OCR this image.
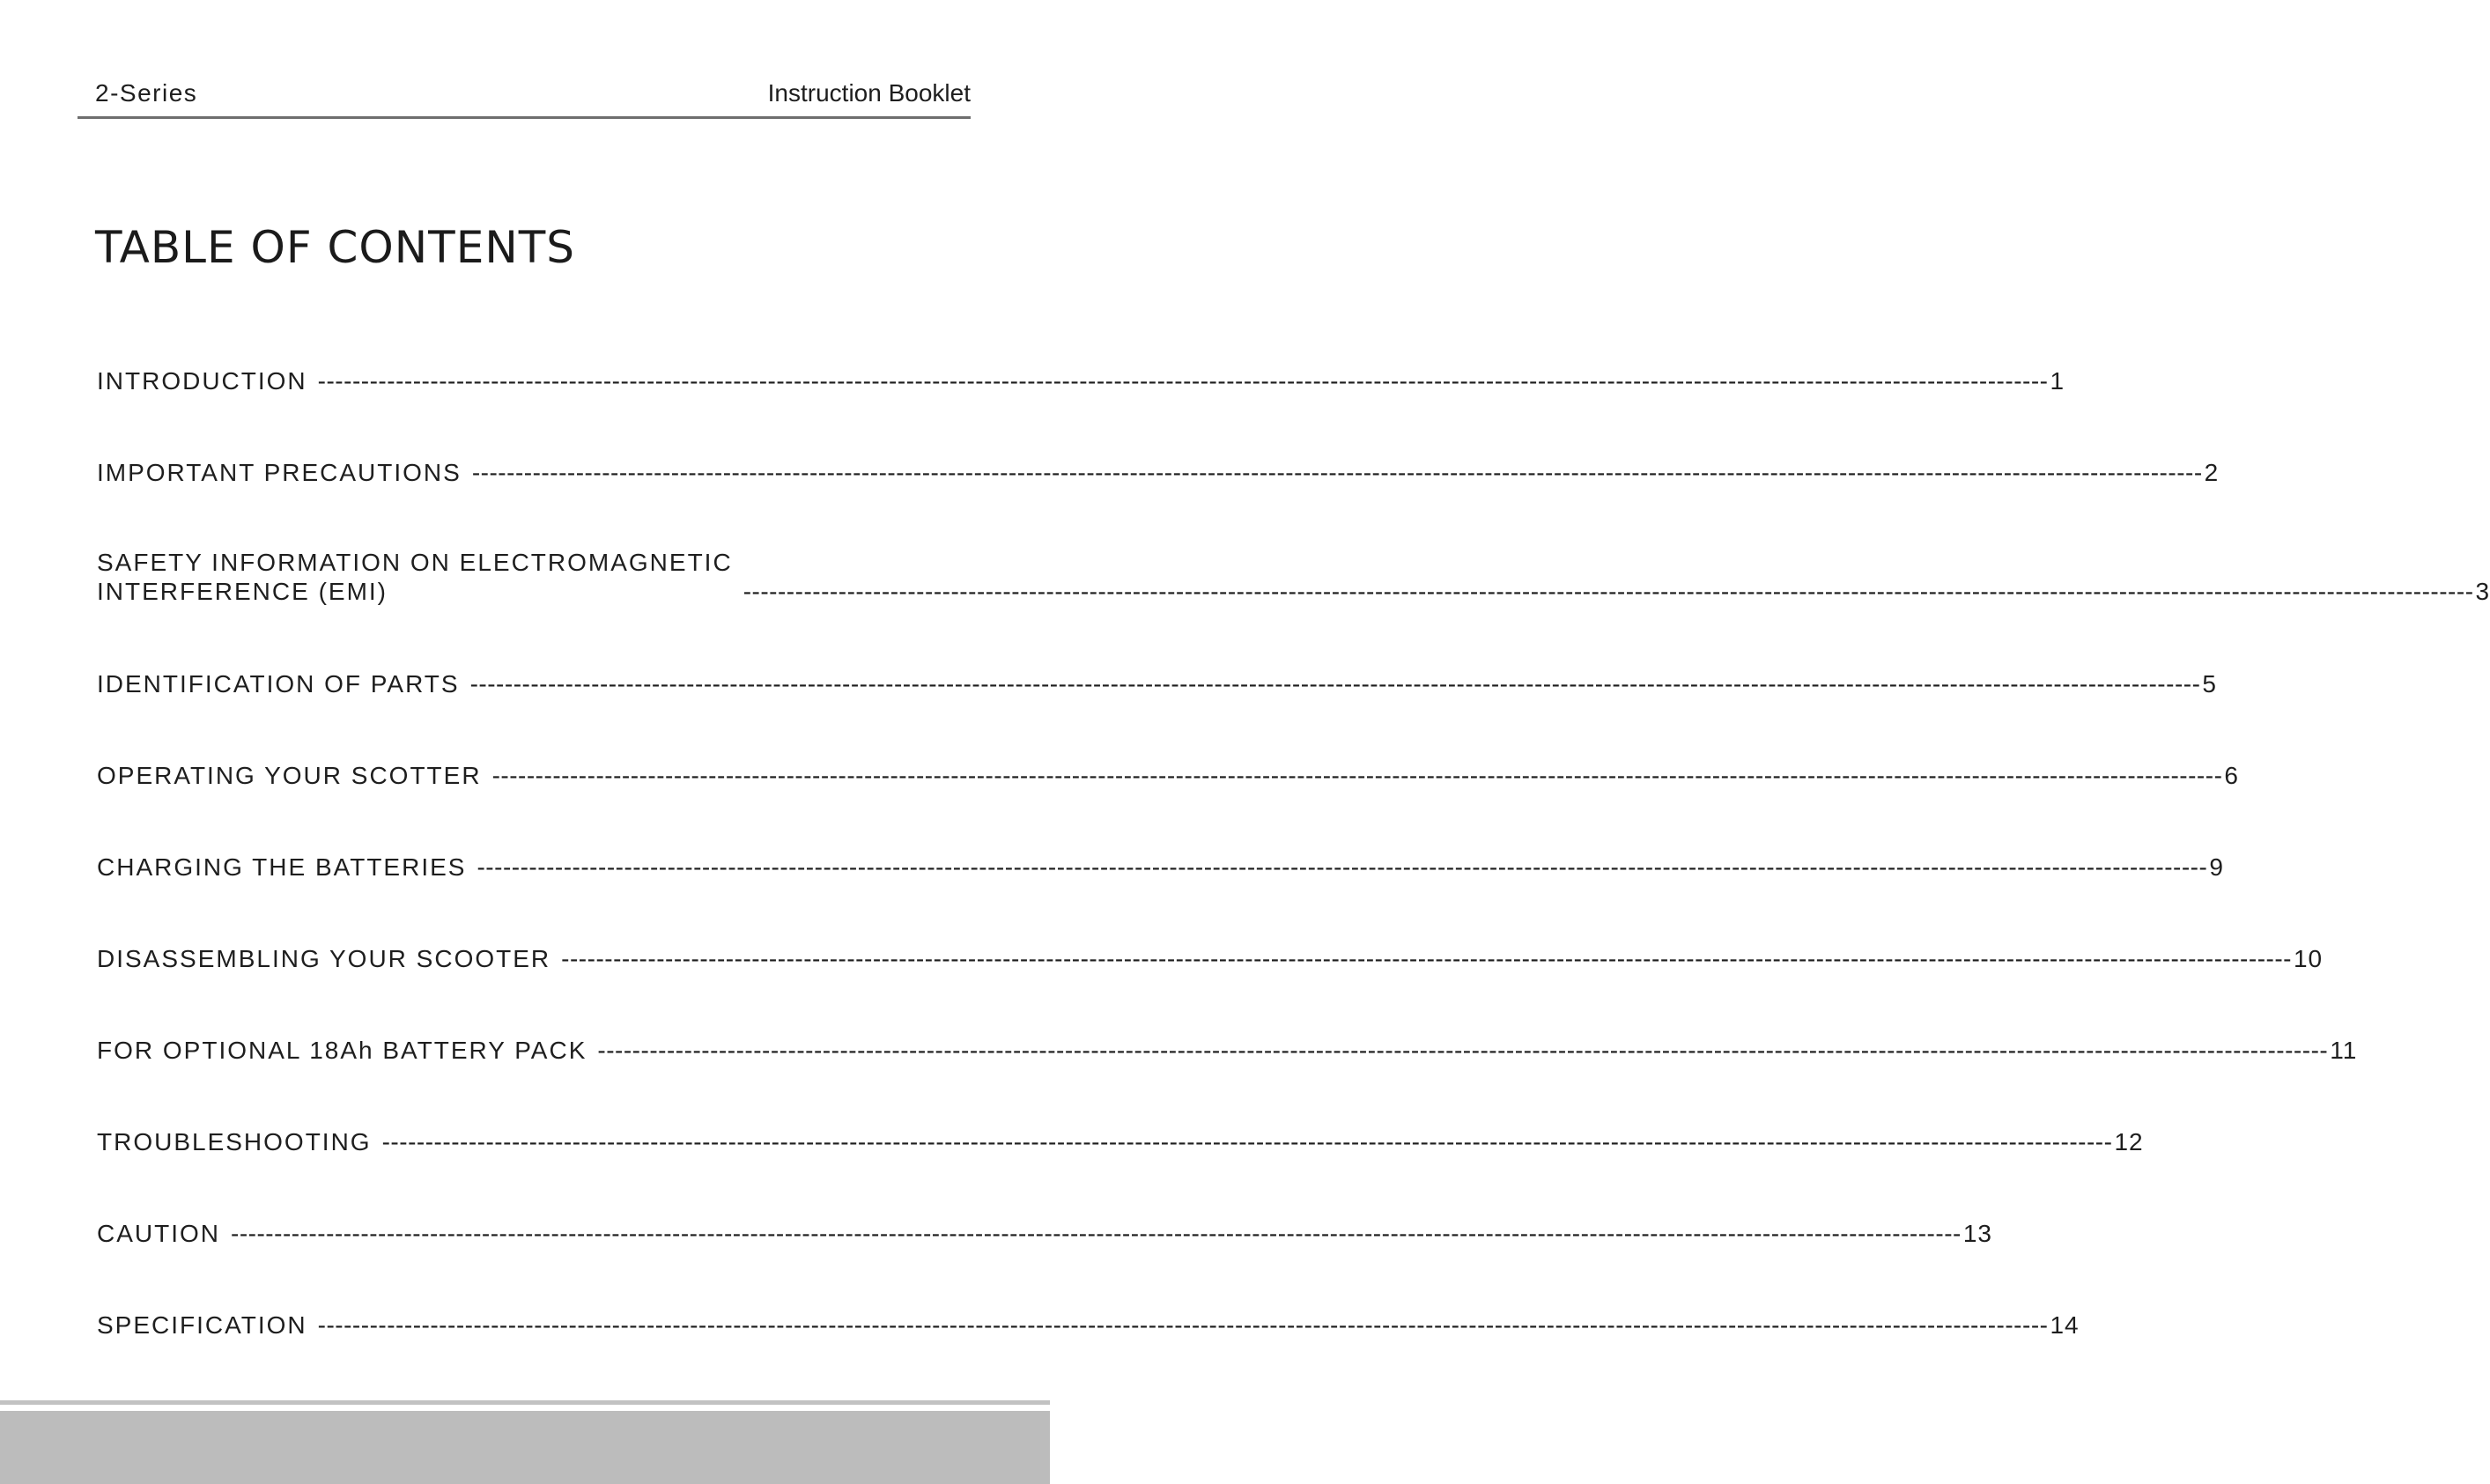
2-Series	Instruction Booklet
TABLE OF CONTENTS
INTRODUCTION -------------------------------------------------------------------------------------------------------------------------------------------------------------------------------------------------------- 1
IMPORTANT PRECAUTIONS -------------------------------------------------------------------------------------------------------------------------------------------------------------------------------------------------------- 2
SAFETY INFORMATION ON ELECTROMAGNETIC
INTERFERENCE (EMI)	-------------------------------------------------------------------------------------------------------------------------------------------------------------------------------------------------------- 3
IDENTIFICATION OF PARTS -------------------------------------------------------------------------------------------------------------------------------------------------------------------------------------------------------- 5
OPERATING YOUR SCOTTER -------------------------------------------------------------------------------------------------------------------------------------------------------------------------------------------------------- 6
CHARGING THE BATTERIES -------------------------------------------------------------------------------------------------------------------------------------------------------------------------------------------------------- 9
DISASSEMBLING YOUR SCOOTER -------------------------------------------------------------------------------------------------------------------------------------------------------------------------------------------------------- 10
FOR OPTIONAL 18Ah BATTERY PACK -------------------------------------------------------------------------------------------------------------------------------------------------------------------------------------------------------- 11
TROUBLESHOOTING -------------------------------------------------------------------------------------------------------------------------------------------------------------------------------------------------------- 12
CAUTION -------------------------------------------------------------------------------------------------------------------------------------------------------------------------------------------------------- 13
SPECIFICATION -------------------------------------------------------------------------------------------------------------------------------------------------------------------------------------------------------- 14
